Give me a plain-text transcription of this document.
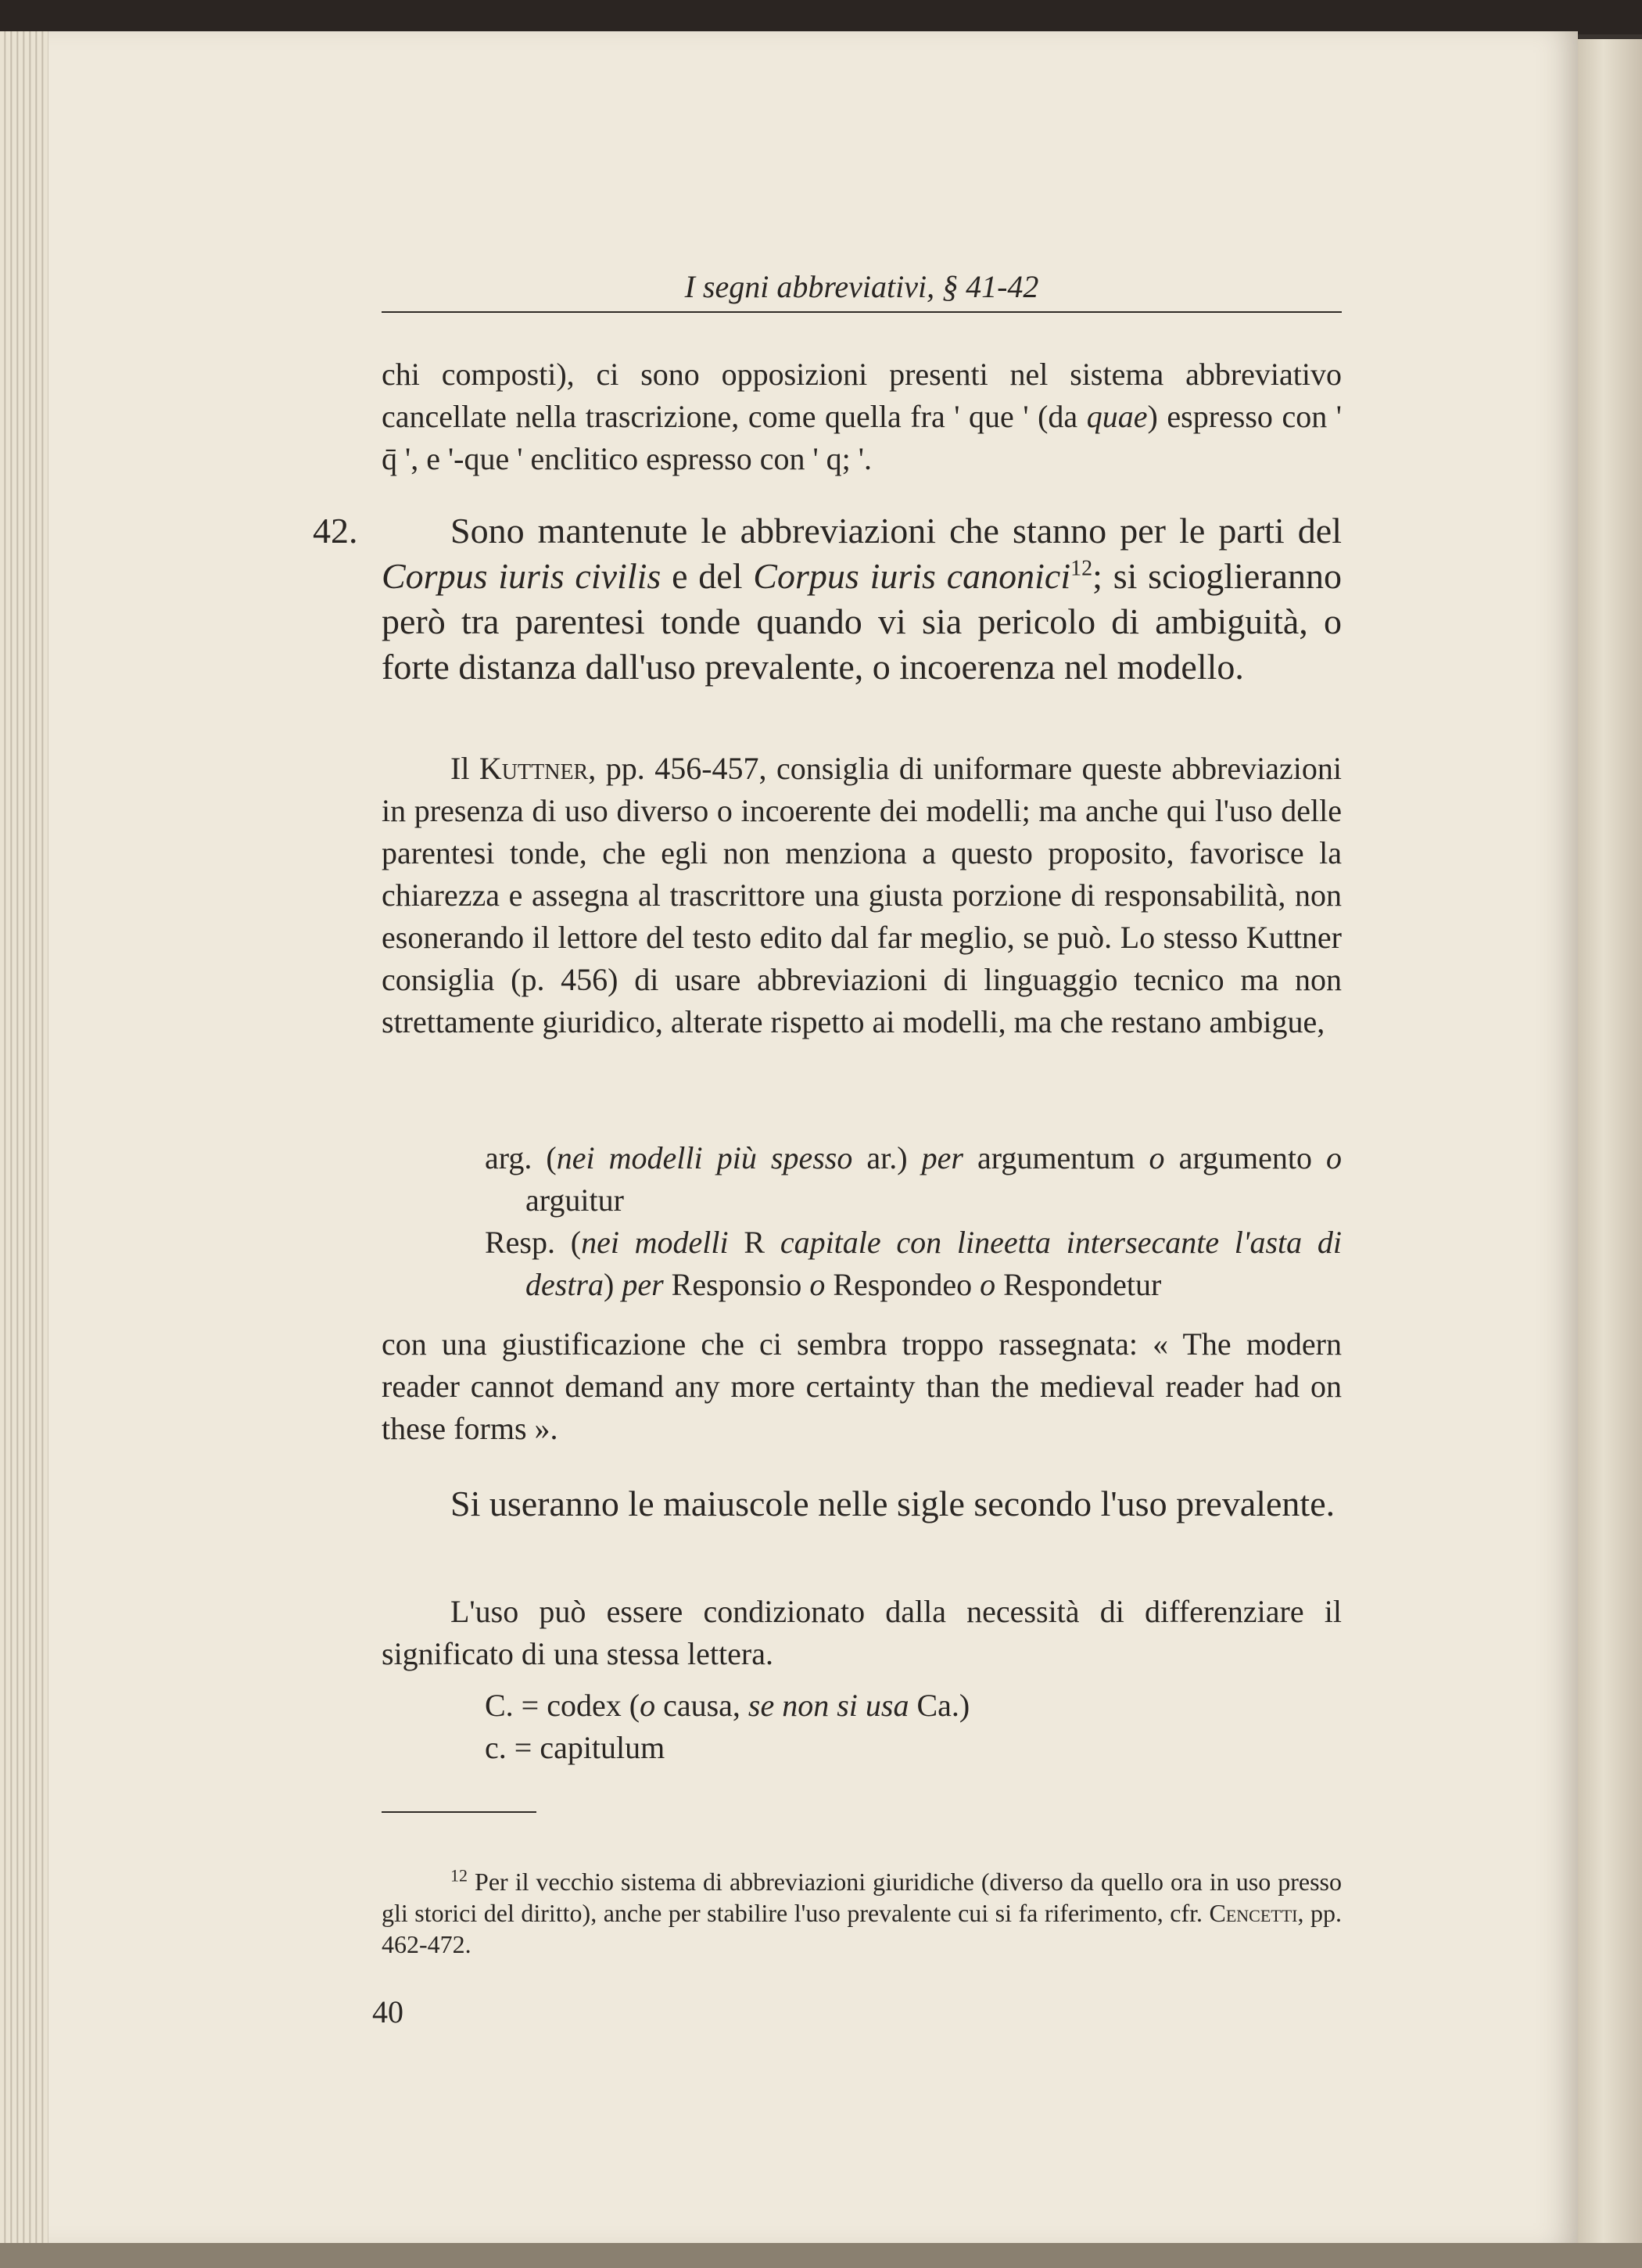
I segni abbreviativi, § 41-42

chi composti), ci sono opposizioni presenti nel sistema abbreviativo cancellate nella trascrizione, come quella fra ' que ' (da quae) espresso con ' q̄ ', e '-que ' enclitico espresso con ' q; '.

42.	Sono mantenute le abbreviazioni che stanno per le parti del Corpus iuris civilis e del Corpus iuris canonici$^{12}$; si scioglieranno però tra parentesi tonde quando vi sia pericolo di ambiguità, o forte distanza dall'uso prevalente, o incoerenza nel modello.

Il Kuttner, pp. 456-457, consiglia di uniformare queste abbreviazioni in presenza di uso diverso o incoerente dei modelli; ma anche qui l'uso delle parentesi tonde, che egli non menziona a questo proposito, favorisce la chiarezza e assegna al trascrittore una giusta porzione di responsabilità, non esonerando il lettore del testo edito dal far meglio, se può. Lo stesso Kuttner consiglia (p. 456) di usare abbreviazioni di linguaggio tecnico ma non strettamente giuridico, alterate rispetto ai modelli, ma che restano ambigue,

arg. (nei modelli più spesso ar.) per argumentum o argumento o arguitur
Resp. (nei modelli R capitale con lineetta intersecante l'asta di destra) per Responsio o Respondeo o Respondetur

con una giustificazione che ci sembra troppo rassegnata: « The modern reader cannot demand any more certainty than the medieval reader had on these forms ».

Si useranno le maiuscole nelle sigle secondo l'uso prevalente.

L'uso può essere condizionato dalla necessità di differenziare il significato di una stessa lettera.

C. = codex (o causa, se non si usa Ca.)
c. = capitulum

$^{12}$ Per il vecchio sistema di abbreviazioni giuridiche (diverso da quello ora in uso presso gli storici del diritto), anche per stabilire l'uso prevalente cui si fa riferimento, cfr. Cencetti, pp. 462-472.

40
